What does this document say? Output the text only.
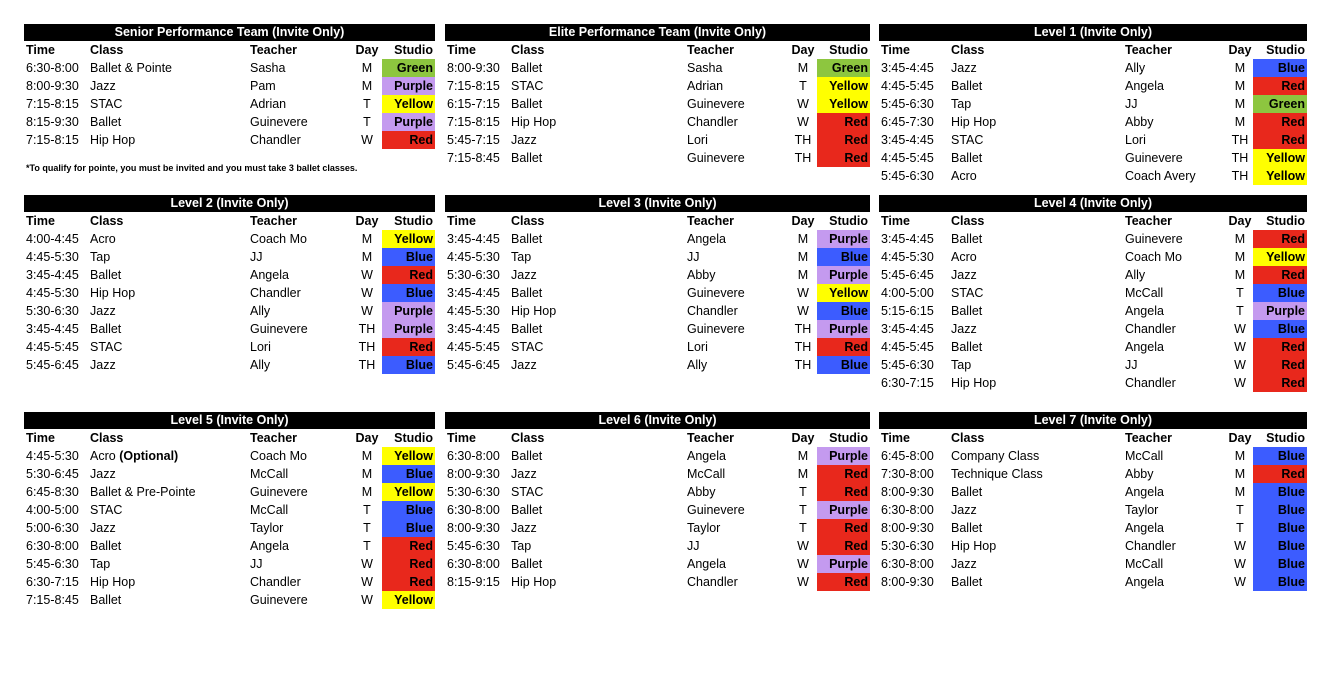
Senior Performance Team (Invite Only)
Time	Class	Teacher	Day	Studio
6:30-8:00	Ballet & Pointe	Sasha	M	Green
8:00-9:30	Jazz	Pam	M	Purple
7:15-8:15	STAC	Adrian	T	Yellow
8:15-9:30	Ballet	Guinevere	T	Purple
7:15-8:15	Hip Hop	Chandler	W	Red
*To qualify for pointe, you must be invited and you must take 3 ballet classes.
Elite Performance Team (Invite Only)
Time	Class	Teacher	Day	Studio
8:00-9:30	Ballet	Sasha	M	Green
7:15-8:15	STAC	Adrian	T	Yellow
6:15-7:15	Ballet	Guinevere	W	Yellow
7:15-8:15	Hip Hop	Chandler	W	Red
5:45-7:15	Jazz	Lori	TH	Red
7:15-8:45	Ballet	Guinevere	TH	Red
Level 1 (Invite Only)
Time	Class	Teacher	Day	Studio
3:45-4:45	Jazz	Ally	M	Blue
4:45-5:45	Ballet	Angela	M	Red
5:45-6:30	Tap	JJ	M	Green
6:45-7:30	Hip Hop	Abby	M	Red
3:45-4:45	STAC	Lori	TH	Red
4:45-5:45	Ballet	Guinevere	TH	Yellow
5:45-6:30	Acro	Coach Avery	TH	Yellow
Level 2 (Invite Only)
Time	Class	Teacher	Day	Studio
4:00-4:45	Acro	Coach Mo	M	Yellow
4:45-5:30	Tap	JJ	M	Blue
3:45-4:45	Ballet	Angela	W	Red
4:45-5:30	Hip Hop	Chandler	W	Blue
5:30-6:30	Jazz	Ally	W	Purple
3:45-4:45	Ballet	Guinevere	TH	Purple
4:45-5:45	STAC	Lori	TH	Red
5:45-6:45	Jazz	Ally	TH	Blue
Level 3 (Invite Only)
Time	Class	Teacher	Day	Studio
3:45-4:45	Ballet	Angela	M	Purple
4:45-5:30	Tap	JJ	M	Blue
5:30-6:30	Jazz	Abby	M	Purple
3:45-4:45	Ballet	Guinevere	W	Yellow
4:45-5:30	Hip Hop	Chandler	W	Blue
3:45-4:45	Ballet	Guinevere	TH	Purple
4:45-5:45	STAC	Lori	TH	Red
5:45-6:45	Jazz	Ally	TH	Blue
Level 4 (Invite Only)
Time	Class	Teacher	Day	Studio
3:45-4:45	Ballet	Guinevere	M	Red
4:45-5:30	Acro	Coach Mo	M	Yellow
5:45-6:45	Jazz	Ally	M	Red
4:00-5:00	STAC	McCall	T	Blue
5:15-6:15	Ballet	Angela	T	Purple
3:45-4:45	Jazz	Chandler	W	Blue
4:45-5:45	Ballet	Angela	W	Red
5:45-6:30	Tap	JJ	W	Red
6:30-7:15	Hip Hop	Chandler	W	Red
Level 5 (Invite Only)
Time	Class	Teacher	Day	Studio
4:45-5:30	Acro (Optional)	Coach Mo	M	Yellow
5:30-6:45	Jazz	McCall	M	Blue
6:45-8:30	Ballet & Pre-Pointe	Guinevere	M	Yellow
4:00-5:00	STAC	McCall	T	Blue
5:00-6:30	Jazz	Taylor	T	Blue
6:30-8:00	Ballet	Angela	T	Red
5:45-6:30	Tap	JJ	W	Red
6:30-7:15	Hip Hop	Chandler	W	Red
7:15-8:45	Ballet	Guinevere	W	Yellow
Level 6 (Invite Only)
Time	Class	Teacher	Day	Studio
6:30-8:00	Ballet	Angela	M	Purple
8:00-9:30	Jazz	McCall	M	Red
5:30-6:30	STAC	Abby	T	Red
6:30-8:00	Ballet	Guinevere	T	Purple
8:00-9:30	Jazz	Taylor	T	Red
5:45-6:30	Tap	JJ	W	Red
6:30-8:00	Ballet	Angela	W	Purple
8:15-9:15	Hip Hop	Chandler	W	Red
Level 7 (Invite Only)
Time	Class	Teacher	Day	Studio
6:45-8:00	Company Class	McCall	M	Blue
7:30-8:00	Technique Class	Abby	M	Red
8:00-9:30	Ballet	Angela	M	Blue
6:30-8:00	Jazz	Taylor	T	Blue
8:00-9:30	Ballet	Angela	T	Blue
5:30-6:30	Hip Hop	Chandler	W	Blue
6:30-8:00	Jazz	McCall	W	Blue
8:00-9:30	Ballet	Angela	W	Blue
